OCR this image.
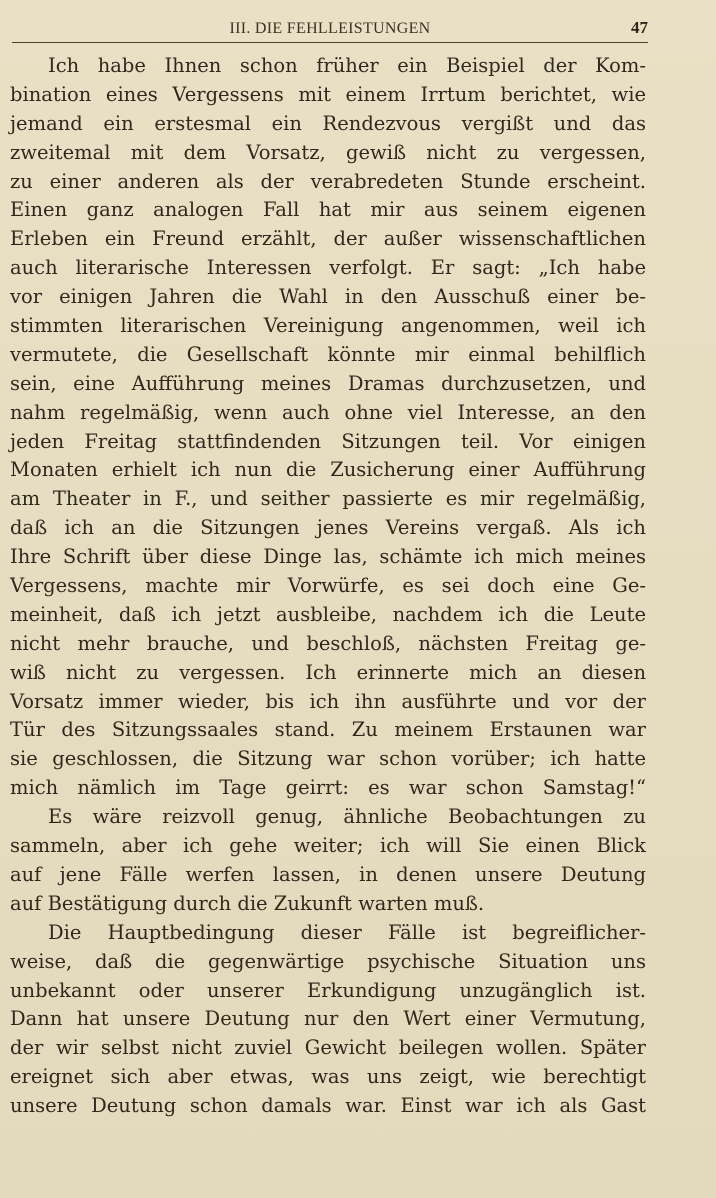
III. DIE FEHLLEISTUNGEN	47
Ich habe Ihnen schon früher ein Beispiel der Kom-
bination eines Vergessens mit einem Irrtum berichtet, wie
jemand ein erstesmal ein Rendezvous vergißt und das
zweitemal mit dem Vorsatz, gewiß nicht zu vergessen,
zu einer anderen als der verabredeten Stunde erscheint.
Einen ganz analogen Fall hat mir aus seinem eigenen
Erleben ein Freund erzählt, der außer wissenschaftlichen
auch literarische Interessen verfolgt. Er sagt: „Ich habe
vor einigen Jahren die Wahl in den Ausschuß einer be-
stimmten literarischen Vereinigung angenommen, weil ich
vermutete, die Gesellschaft könnte mir einmal behilflich
sein, eine Aufführung meines Dramas durchzusetzen, und
nahm regelmäßig, wenn auch ohne viel Interesse, an den
jeden Freitag stattfindenden Sitzungen teil. Vor einigen
Monaten erhielt ich nun die Zusicherung einer Aufführung
am Theater in F., und seither passierte es mir regelmäßig,
daß ich an die Sitzungen jenes Vereins vergaß. Als ich
Ihre Schrift über diese Dinge las, schämte ich mich meines
Vergessens, machte mir Vorwürfe, es sei doch eine Ge-
meinheit, daß ich jetzt ausbleibe, nachdem ich die Leute
nicht mehr brauche, und beschloß, nächsten Freitag ge-
wiß nicht zu vergessen. Ich erinnerte mich an diesen
Vorsatz immer wieder, bis ich ihn ausführte und vor der
Tür des Sitzungssaales stand. Zu meinem Erstaunen war
sie geschlossen, die Sitzung war schon vorüber; ich hatte
mich nämlich im Tage geirrt: es war schon Samstag!“
Es wäre reizvoll genug, ähnliche Beobachtungen zu
sammeln, aber ich gehe weiter; ich will Sie einen Blick
auf jene Fälle werfen lassen, in denen unsere Deutung
auf Bestätigung durch die Zukunft warten muß.
Die Hauptbedingung dieser Fälle ist begreiflicher-
weise, daß die gegenwärtige psychische Situation uns
unbekannt oder unserer Erkundigung unzugänglich ist.
Dann hat unsere Deutung nur den Wert einer Vermutung,
der wir selbst nicht zuviel Gewicht beilegen wollen. Später
ereignet sich aber etwas, was uns zeigt, wie berechtigt
unsere Deutung schon damals war. Einst war ich als Gast
